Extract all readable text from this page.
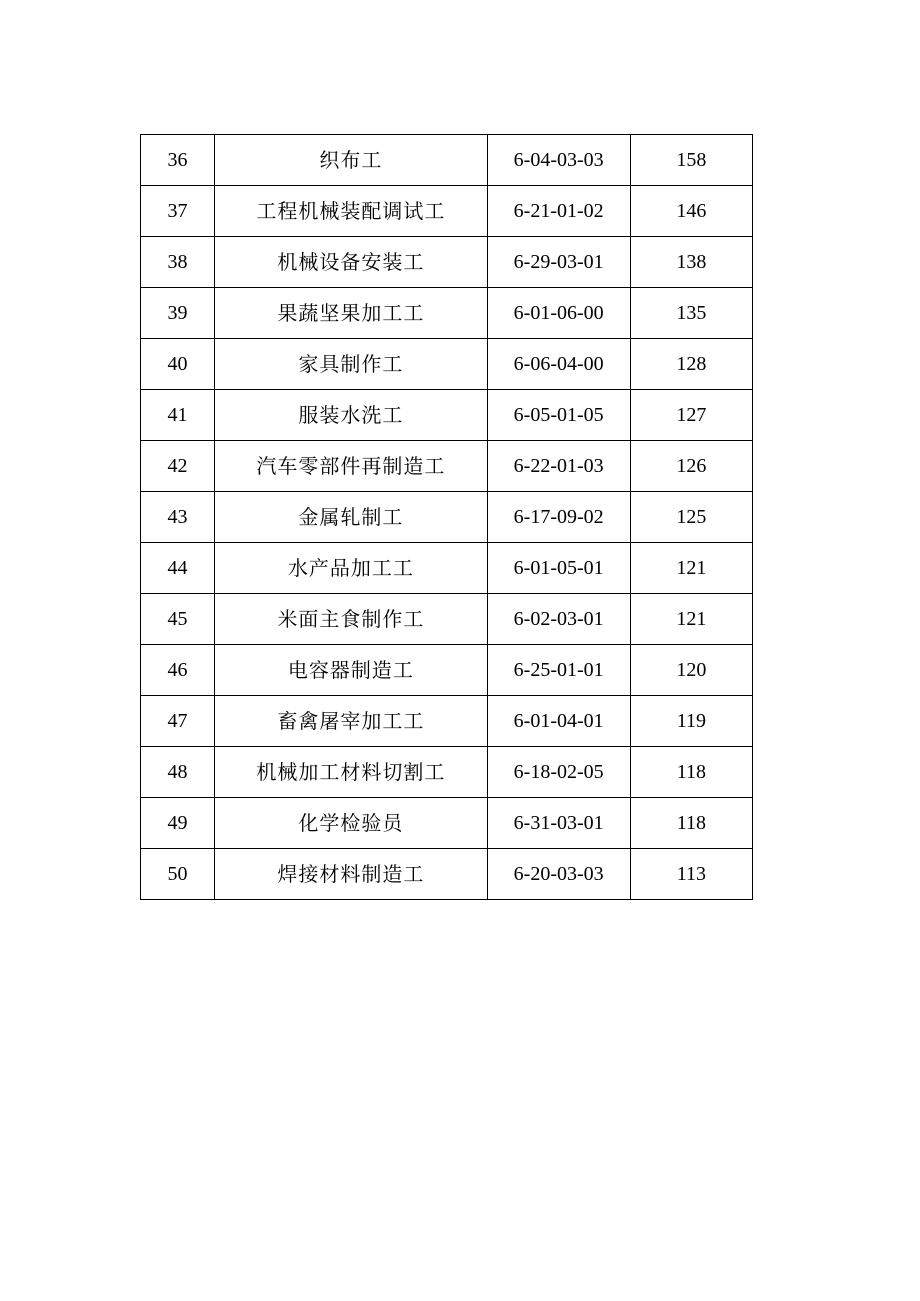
36	织布工	6-04-03-03	158
37	工程机械装配调试工	6-21-01-02	146
38	机械设备安装工	6-29-03-01	138
39	果蔬坚果加工工	6-01-06-00	135
40	家具制作工	6-06-04-00	128
41	服装水洗工	6-05-01-05	127
42	汽车零部件再制造工	6-22-01-03	126
43	金属轧制工	6-17-09-02	125
44	水产品加工工	6-01-05-01	121
45	米面主食制作工	6-02-03-01	121
46	电容器制造工	6-25-01-01	120
47	畜禽屠宰加工工	6-01-04-01	119
48	机械加工材料切割工	6-18-02-05	118
49	化学检验员	6-31-03-01	118
50	焊接材料制造工	6-20-03-03	113
